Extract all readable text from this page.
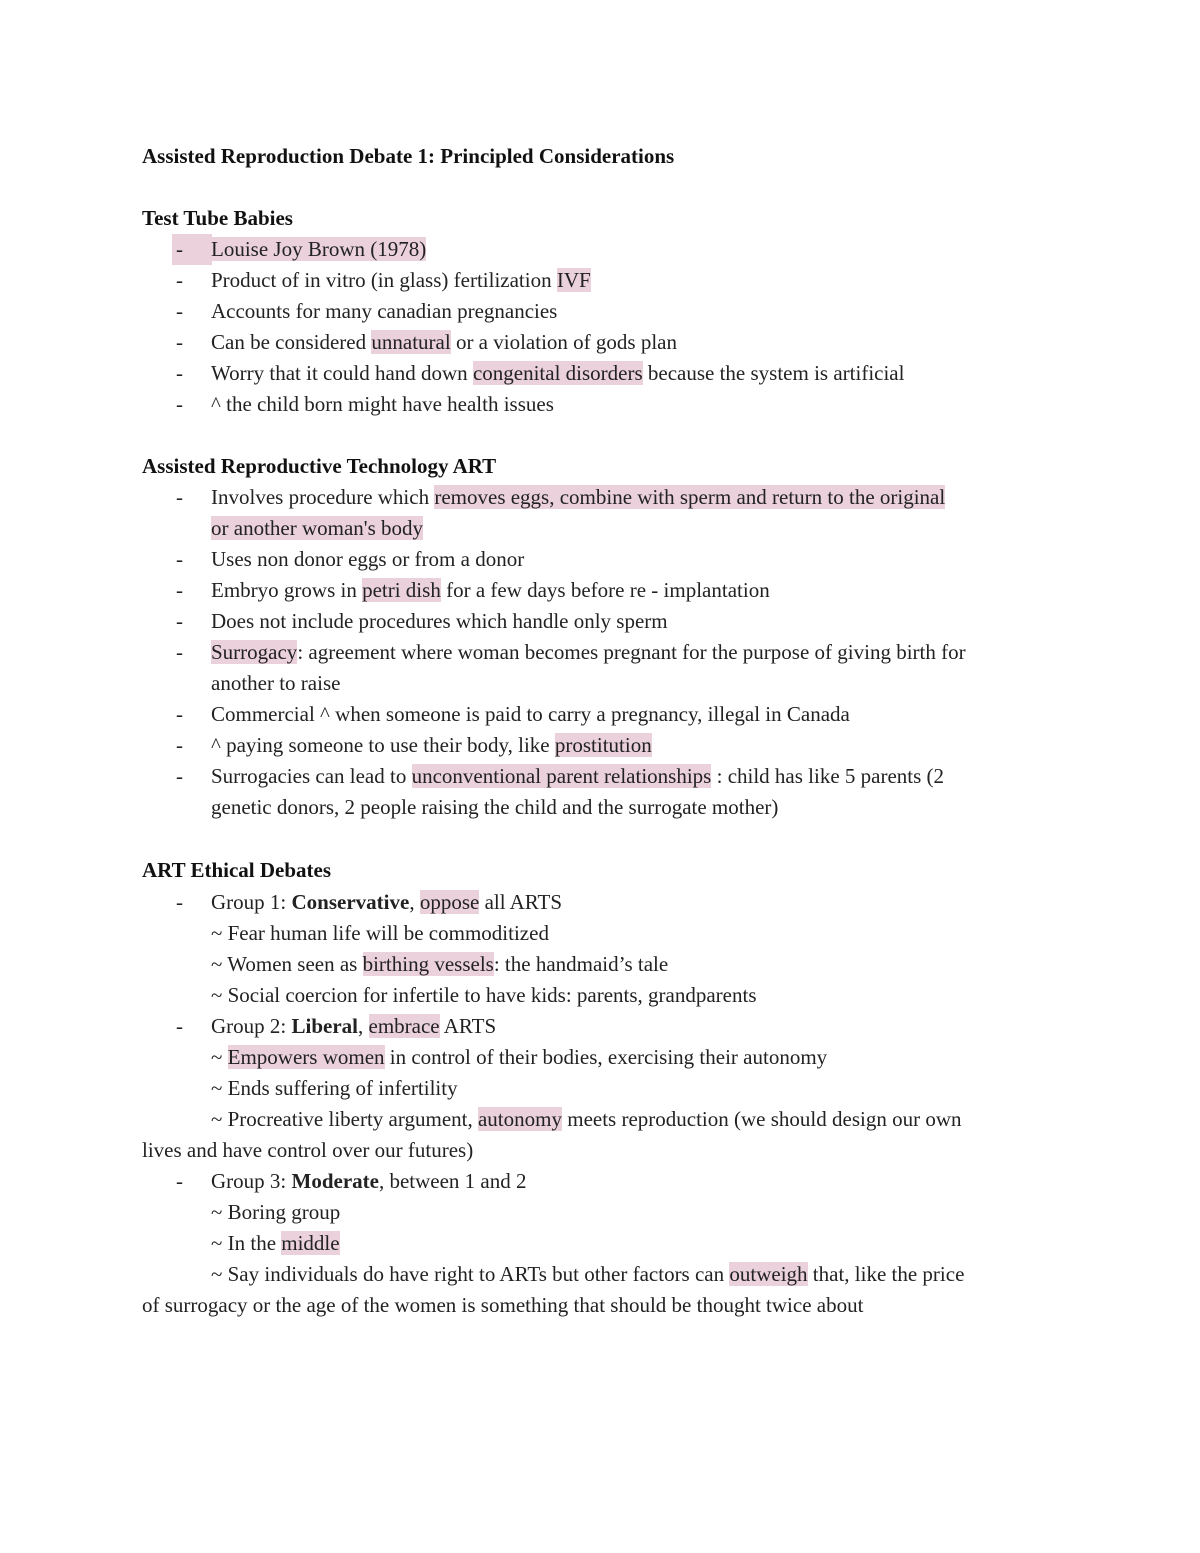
Assisted Reproduction Debate 1: Principled Considerations
Test Tube Babies
-	Louise Joy Brown (1978)
- Product of in vitro (in glass) fertilization IVF
- Accounts for many canadian pregnancies
- Can be considered unnatural or a violation of gods plan
- Worry that it could hand down congenital disorders because the system is artificial
- ^ the child born might have health issues
Assisted Reproductive Technology ART
- Involves procedure which removes eggs, combine with sperm and return to the original
or another woman's body
- Uses non donor eggs or from a donor
- Embryo grows in petri dish for a few days before re - implantation
- Does not include procedures which handle only sperm
- Surrogacy: agreement where woman becomes pregnant for the purpose of giving birth for
another to raise
- Commercial ^ when someone is paid to carry a pregnancy, illegal in Canada
- ^ paying someone to use their body, like prostitution
- Surrogacies can lead to unconventional parent relationships : child has like 5 parents (2
genetic donors, 2 people raising the child and the surrogate mother)
ART Ethical Debates
- Group 1: Conservative, oppose all ARTS
~ Fear human life will be commoditized
~ Women seen as birthing vessels: the handmaid’s tale
~ Social coercion for infertile to have kids: parents, grandparents
- Group 2: Liberal, embrace ARTS
~ Empowers women in control of their bodies, exercising their autonomy
~ Ends suffering of infertility
~ Procreative liberty argument, autonomy meets reproduction (we should design our own
lives and have control over our futures)
- Group 3: Moderate, between 1 and 2
~ Boring group
~ In the middle
~ Say individuals do have right to ARTs but other factors can outweigh that, like the price
of surrogacy or the age of the women is something that should be thought twice about
